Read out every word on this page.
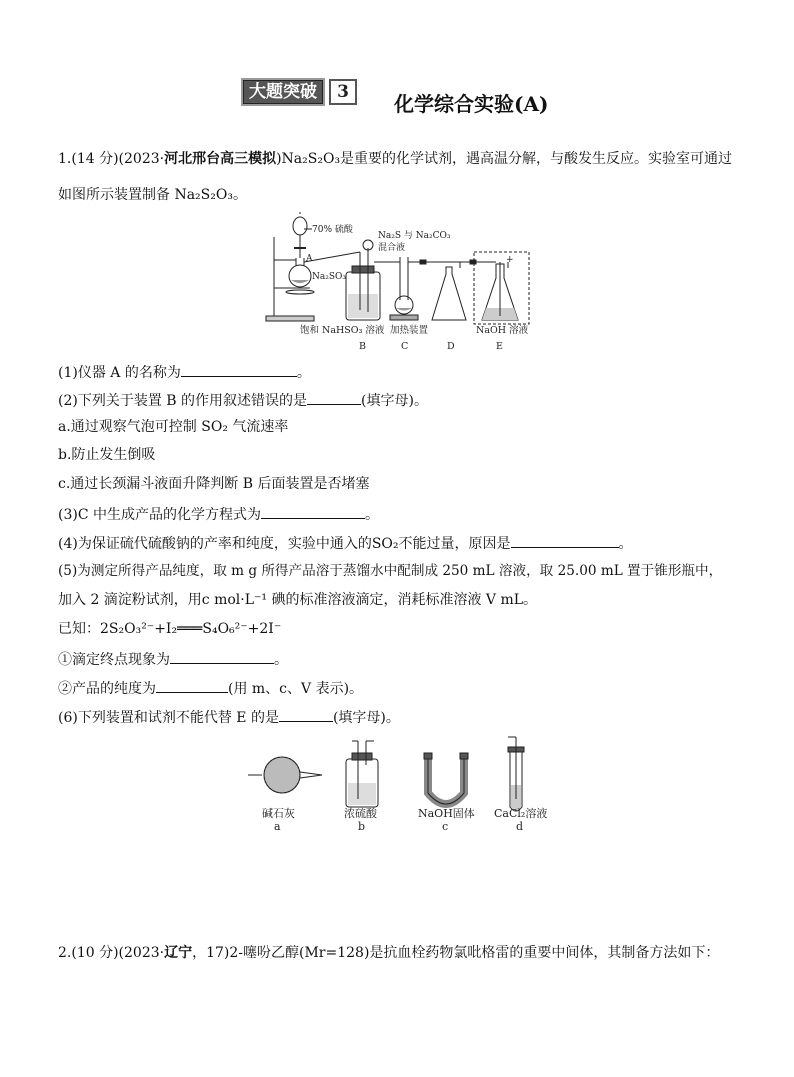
大题突破	3	化学综合实验(A)
1.(14 分)(2023·河北邢台高三模拟)Na₂S₂O₃是重要的化学试剂，遇高温分解，与酸发生反应。实验室可通过
如图所示装置制备 Na₂S₂O₃。
+
70% 硫酸
A
Na₂SO₃
Na₂S 与 Na₂CO₃
混合液
饱和 NaHSO₃ 溶液 加热装置	NaOH 溶液
B	C	D	E
(1)仪器 A 的名称为	。
(2)下列关于装置 B 的作用叙述错误的是	(填字母)。
a.通过观察气泡可控制 SO₂ 气流速率
b.防止发生倒吸
c.通过长颈漏斗液面升降判断 B 后面装置是否堵塞
(3)C 中生成产品的化学方程式为	。
(4)为保证硫代硫酸钠的产率和纯度，实验中通入的SO₂不能过量，原因是	。
(5)为测定所得产品纯度，取 m g 所得产品溶于蒸馏水中配制成 250 mL 溶液，取 25.00 mL 置于锥形瓶中，
加入 2 滴淀粉试剂，用c mol·L⁻¹ 碘的标准溶液滴定，消耗标准溶液 V mL。
已知：2S₂O₃²⁻+I₂═══S₄O₆²⁻+2I⁻
①滴定终点现象为	。
②产品的纯度为	(用 m、c、V 表示)。
(6)下列装置和试剂不能代替 E 的是	(填字母)。
碱石灰
a
浓硫酸
b
NaOH固体
c
CaCl₂溶液
d
2.(10 分)(2023·辽宁，17)2-噻吩乙醇(Mr=128)是抗血栓药物氯吡格雷的重要中间体，其制备方法如下：
